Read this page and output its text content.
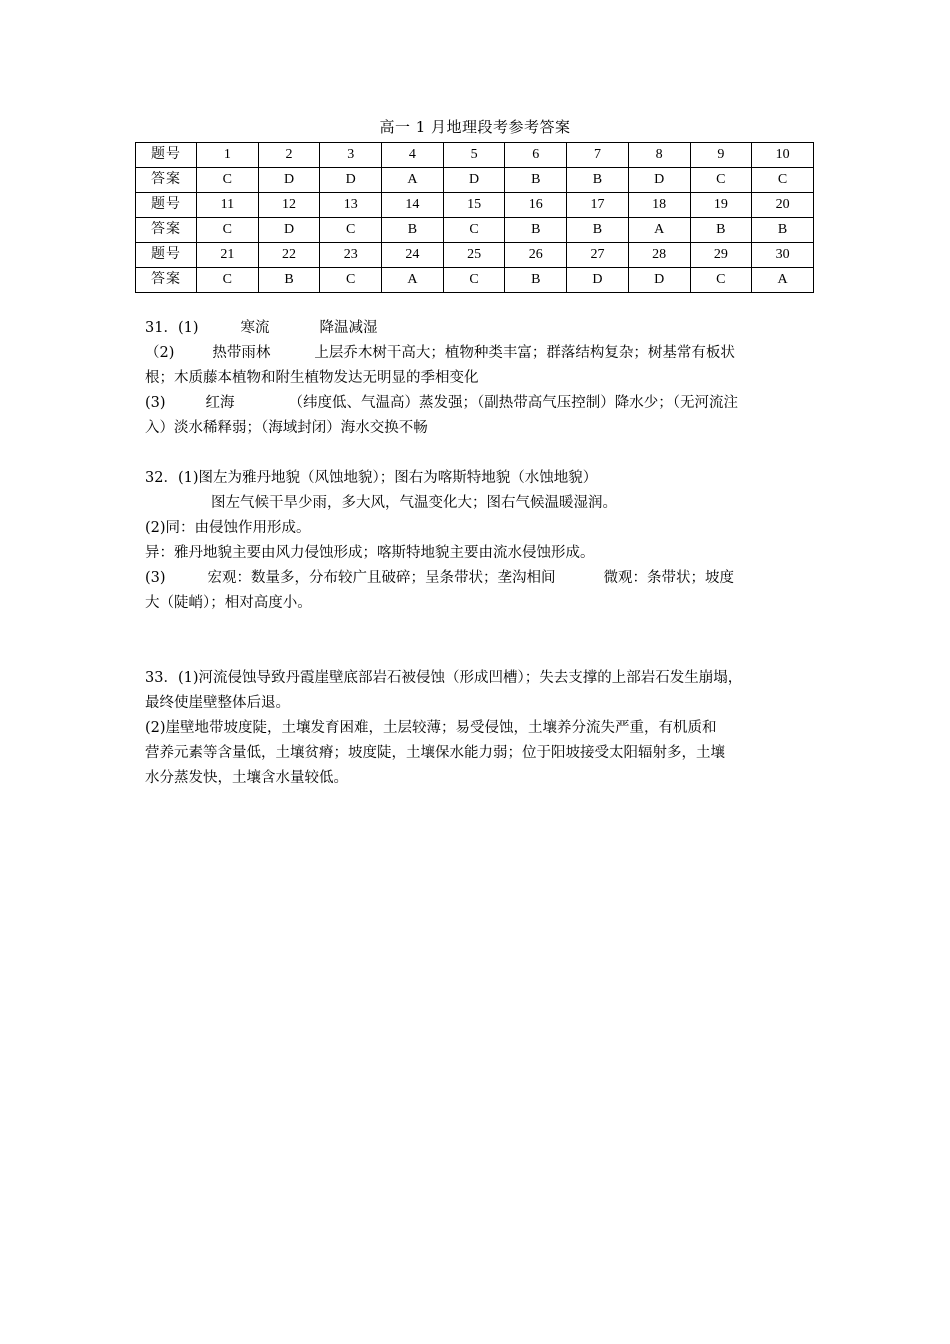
高一 1 月地理段考参考答案
题号	1	2	3	4	5	6	7	8	9	10
答案	C	D	D	A	D	B	B	D	C	C
题号	11	12	13	14	15	16	17	18	19	20
答案	C	D	C	B	C	B	B	A	B	B
题号	21	22	23	24	25	26	27	28	29	30
答案	C	B	C	A	C	B	D	D	C	A
31．(1)	寒流	降温减湿
（2)	热带雨林	上层乔木树干高大；植物种类丰富；群落结构复杂；树基常有板状
根；木质藤本植物和附生植物发达无明显的季相变化
(3)	红海	（纬度低、气温高）蒸发强；（副热带高气压控制）降水少；（无河流注
入）淡水稀释弱；（海域封闭）海水交换不畅
32．(1)图左为雅丹地貌（风蚀地貌）；图右为喀斯特地貌（水蚀地貌）
图左气候干旱少雨，多大风，气温变化大；图右气候温暖湿润。
(2)同：由侵蚀作用形成。
异：雅丹地貌主要由风力侵蚀形成；喀斯特地貌主要由流水侵蚀形成。
(3)	宏观：数量多，分布较广且破碎；呈条带状；垄沟相间	微观：条带状；坡度
大（陡峭）；相对高度小。
33．(1)河流侵蚀导致丹霞崖壁底部岩石被侵蚀（形成凹槽）；失去支撑的上部岩石发生崩塌，
最终使崖壁整体后退。
(2)崖壁地带坡度陡，土壤发育困难，土层较薄；易受侵蚀，土壤养分流失严重，有机质和
营养元素等含量低，土壤贫瘠；坡度陡，土壤保水能力弱；位于阳坡接受太阳辐射多，土壤
水分蒸发快，土壤含水量较低。
